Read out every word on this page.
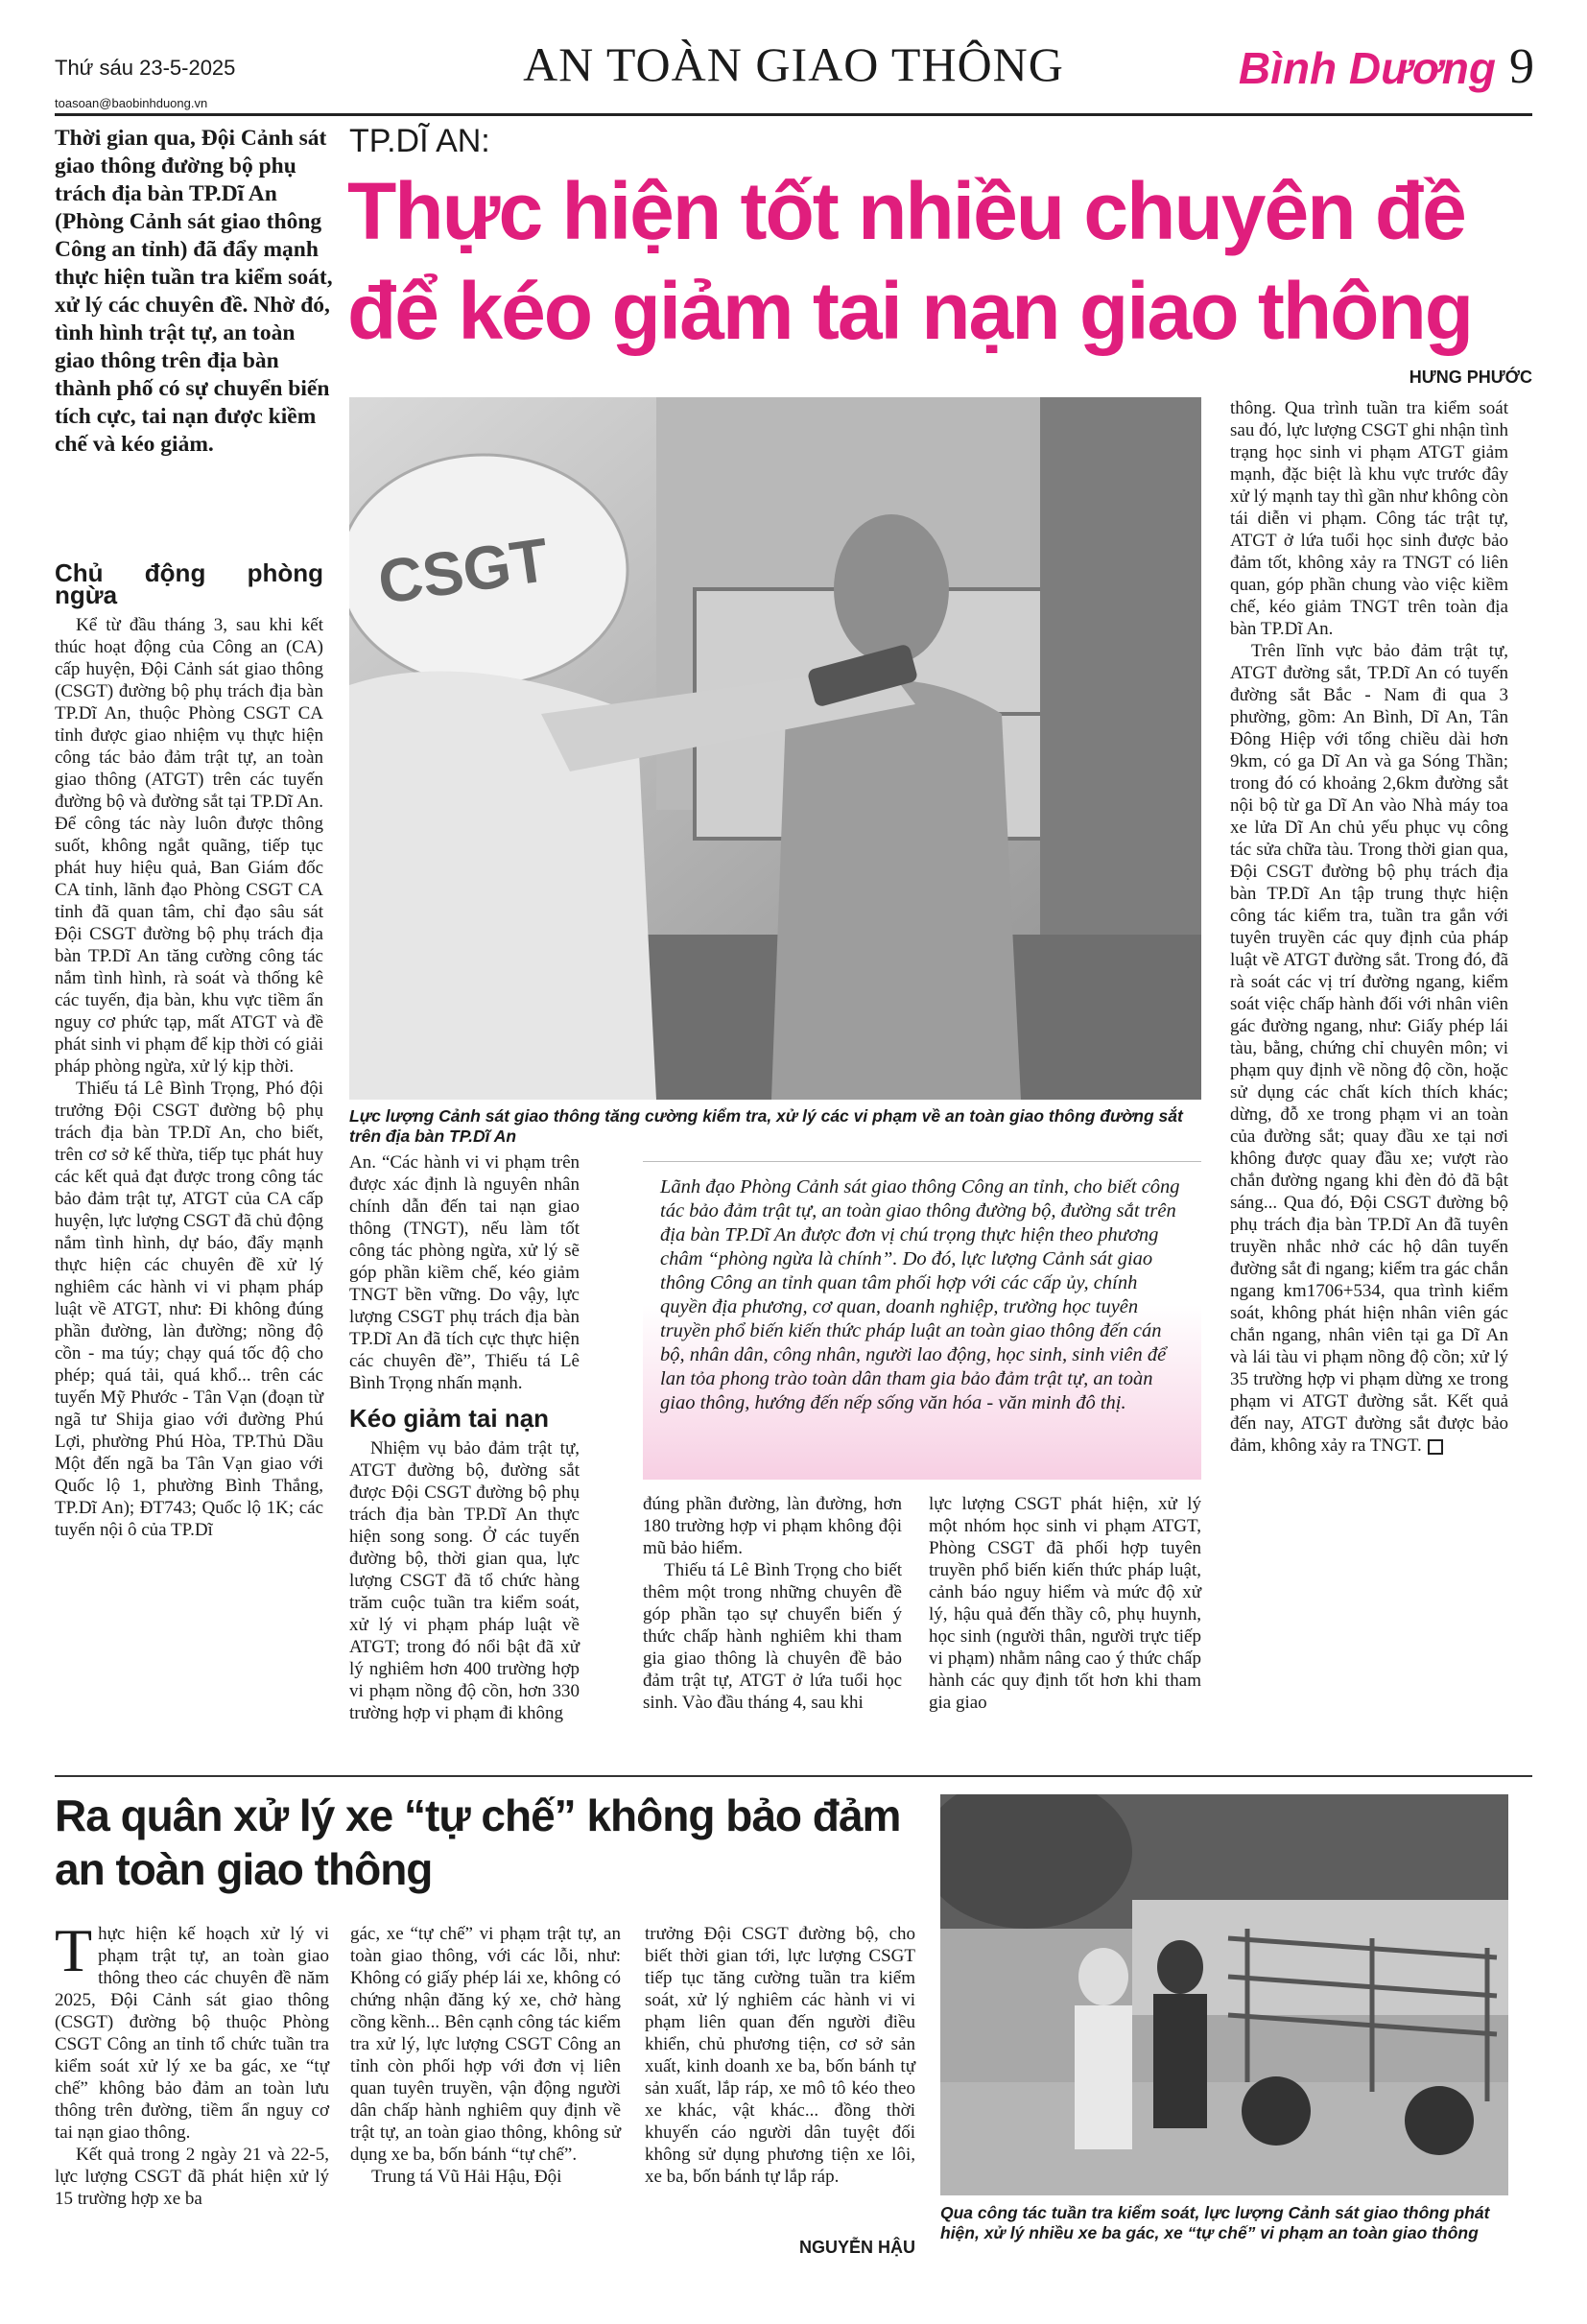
Thứ sáu 23-5-2025
toasoan@baobinhduong.vn
AN TOÀN GIAO THÔNG	Bình Dương 9
Thời gian qua, Đội Cảnh sát giao thông đường bộ phụ trách địa bàn TP.Dĩ An (Phòng Cảnh sát giao thông Công an tỉnh) đã đẩy mạnh thực hiện tuần tra kiểm soát, xử lý các chuyên đề. Nhờ đó, tình hình trật tự, an toàn giao thông trên địa bàn thành phố có sự chuyển biến tích cực, tai nạn được kiềm chế và kéo giảm.
TP.DĨ AN:
Thực hiện tốt nhiều chuyên đề
để kéo giảm tai nạn giao thông
HƯNG PHƯỚC
Chủ động phòng ngừa

Kể từ đầu tháng 3, sau khi kết thúc hoạt động của Công an (CA) cấp huyện, Đội Cảnh sát giao thông (CSGT) đường bộ phụ trách địa bàn TP.Dĩ An, thuộc Phòng CSGT CA tỉnh được giao nhiệm vụ thực hiện công tác bảo đảm trật tự, an toàn giao thông (ATGT) trên các tuyến đường bộ và đường sắt tại TP.Dĩ An. Để công tác này luôn được thông suốt, không ngắt quãng, tiếp tục phát huy hiệu quả, Ban Giám đốc CA tỉnh, lãnh đạo Phòng CSGT CA tỉnh đã quan tâm, chỉ đạo sâu sát Đội CSGT đường bộ phụ trách địa bàn TP.Dĩ An tăng cường công tác nắm tình hình, rà soát và thống kê các tuyến, địa bàn, khu vực tiềm ẩn nguy cơ phức tạp, mất ATGT và đề phát sinh vi phạm để kịp thời có giải pháp phòng ngừa, xử lý kịp thời.

Thiếu tá Lê Bình Trọng, Phó đội trưởng Đội CSGT đường bộ phụ trách địa bàn TP.Dĩ An, cho biết, trên cơ sở kế thừa, tiếp tục phát huy các kết quả đạt được trong công tác bảo đảm trật tự, ATGT của CA cấp huyện, lực lượng CSGT đã chủ động nắm tình hình, dự báo, đẩy mạnh thực hiện các chuyên đề xử lý nghiêm các hành vi vi phạm pháp luật về ATGT, như: Đi không đúng phần đường, làn đường; nồng độ cồn - ma túy; chạy quá tốc độ cho phép; quá tải, quá khổ... trên các tuyến Mỹ Phước - Tân Vạn (đoạn từ ngã tư Shija giao với đường Phú Lợi, phường Phú Hòa, TP.Thủ Dầu Một đến ngã ba Tân Vạn giao với Quốc lộ 1, phường Bình Thắng, TP.Dĩ An); ĐT743; Quốc lộ 1K; các tuyến nội ô của TP.Dĩ

CSGT
Lực lượng Cảnh sát giao thông tăng cường kiểm tra, xử lý các vi phạm về an toàn giao thông đường sắt trên địa bàn TP.Dĩ An

An. “Các hành vi vi phạm trên được xác định là nguyên nhân chính dẫn đến tai nạn giao thông (TNGT), nếu làm tốt công tác phòng ngừa, xử lý sẽ góp phần kiềm chế, kéo giảm TNGT bền vững. Do vậy, lực lượng CSGT phụ trách địa bàn TP.Dĩ An đã tích cực thực hiện các chuyên đề”, Thiếu tá Lê Bình Trọng nhấn mạnh.

Kéo giảm tai nạn

Nhiệm vụ bảo đảm trật tự, ATGT đường bộ, đường sắt được Đội CSGT đường bộ phụ trách địa bàn TP.Dĩ An thực hiện song song. Ở các tuyến đường bộ, thời gian qua, lực lượng CSGT đã tổ chức hàng trăm cuộc tuần tra kiểm soát, xử lý vi phạm pháp luật về ATGT; trong đó nổi bật đã xử lý nghiêm hơn 400 trường hợp vi phạm nồng độ cồn, hơn 330 trường hợp vi phạm đi không

Lãnh đạo Phòng Cảnh sát giao thông Công an tỉnh, cho biết công tác bảo đảm trật tự, an toàn giao thông đường bộ, đường sắt trên địa bàn TP.Dĩ An được đơn vị chú trọng thực hiện theo phương châm “phòng ngừa là chính”. Do đó, lực lượng Cảnh sát giao thông Công an tỉnh quan tâm phối hợp với các cấp ủy, chính quyền địa phương, cơ quan, doanh nghiệp, trường học tuyên truyền phổ biến kiến thức pháp luật an toàn giao thông đến cán bộ, nhân dân, công nhân, người lao động, học sinh, sinh viên để lan tỏa phong trào toàn dân tham gia bảo đảm trật tự, an toàn giao thông, hướng đến nếp sống văn hóa - văn minh đô thị.

đúng phần đường, làn đường, hơn 180 trường hợp vi phạm không đội mũ bảo hiểm.

Thiếu tá Lê Bình Trọng cho biết thêm một trong những chuyên đề góp phần tạo sự chuyển biến ý thức chấp hành nghiêm khi tham gia giao thông là chuyên đề bảo đảm trật tự, ATGT ở lứa tuổi học sinh. Vào đầu tháng 4, sau khi

lực lượng CSGT phát hiện, xử lý một nhóm học sinh vi phạm ATGT, Phòng CSGT đã phối hợp tuyên truyền phổ biến kiến thức pháp luật, cảnh báo nguy hiểm và mức độ xử lý, hậu quả đến thầy cô, phụ huynh, học sinh (người thân, người trực tiếp vi phạm) nhằm nâng cao ý thức chấp hành các quy định tốt hơn khi tham gia giao

thông. Qua trình tuần tra kiểm soát sau đó, lực lượng CSGT ghi nhận tình trạng học sinh vi phạm ATGT giảm mạnh, đặc biệt là khu vực trước đây xử lý mạnh tay thì gần như không còn tái diễn vi phạm. Công tác trật tự, ATGT ở lứa tuổi học sinh được bảo đảm tốt, không xảy ra TNGT có liên quan, góp phần chung vào việc kiềm chế, kéo giảm TNGT trên toàn địa bàn TP.Dĩ An.

Trên lĩnh vực bảo đảm trật tự, ATGT đường sắt, TP.Dĩ An có tuyến đường sắt Bắc - Nam đi qua 3 phường, gồm: An Bình, Dĩ An, Tân Đông Hiệp với tổng chiều dài hơn 9km, có ga Dĩ An và ga Sóng Thần; trong đó có khoảng 2,6km đường sắt nội bộ từ ga Dĩ An vào Nhà máy toa xe lửa Dĩ An chủ yếu phục vụ công tác sửa chữa tàu. Trong thời gian qua, Đội CSGT đường bộ phụ trách địa bàn TP.Dĩ An tập trung thực hiện công tác kiểm tra, tuần tra gắn với tuyên truyền các quy định của pháp luật về ATGT đường sắt. Trong đó, đã rà soát các vị trí đường ngang, kiểm soát việc chấp hành đối với nhân viên gác đường ngang, như: Giấy phép lái tàu, bằng, chứng chỉ chuyên môn; vi phạm quy định về nồng độ cồn, hoặc sử dụng các chất kích thích khác; dừng, đỗ xe trong phạm vi an toàn của đường sắt; quay đầu xe tại nơi không được quay đầu xe; vượt rào chắn đường ngang khi đèn đỏ đã bật sáng... Qua đó, Đội CSGT đường bộ phụ trách địa bàn TP.Dĩ An đã tuyên truyền nhắc nhở các hộ dân tuyến đường sắt đi ngang; kiểm tra gác chắn ngang km1706+534, qua trình kiểm soát, không phát hiện nhân viên gác chắn ngang, nhân viên tại ga Dĩ An và lái tàu vi phạm nồng độ cồn; xử lý 35 trường hợp vi phạm dừng xe trong phạm vi ATGT đường sắt. Kết quả đến nay, ATGT đường sắt được bảo đảm, không xảy ra TNGT.

Ra quân xử lý xe “tự chế” không bảo đảm
an toàn giao thông

Thực hiện kế hoạch xử lý vi phạm trật tự, an toàn giao thông theo các chuyên đề năm 2025, Đội Cảnh sát giao thông (CSGT) đường bộ thuộc Phòng CSGT Công an tỉnh tổ chức tuần tra kiểm soát xử lý xe ba gác, xe “tự chế” không bảo đảm an toàn lưu thông trên đường, tiềm ẩn nguy cơ tai nạn giao thông.

Kết quả trong 2 ngày 21 và 22-5, lực lượng CSGT đã phát hiện xử lý 15 trường hợp xe ba

gác, xe “tự chế” vi phạm trật tự, an toàn giao thông, với các lỗi, như: Không có giấy phép lái xe, không có chứng nhận đăng ký xe, chở hàng cồng kềnh... Bên cạnh công tác kiểm tra xử lý, lực lượng CSGT Công an tỉnh còn phối hợp với đơn vị liên quan tuyên truyền, vận động người dân chấp hành nghiêm quy định về trật tự, an toàn giao thông, không sử dụng xe ba, bốn bánh “tự chế”.

Trung tá Vũ Hải Hậu, Đội

trưởng Đội CSGT đường bộ, cho biết thời gian tới, lực lượng CSGT tiếp tục tăng cường tuần tra kiểm soát, xử lý nghiêm các hành vi vi phạm liên quan đến người điều khiển, chủ phương tiện, cơ sở sản xuất, kinh doanh xe ba, bốn bánh tự sản xuất, lắp ráp, xe mô tô kéo theo xe khác, vật khác... đồng thời khuyến cáo người dân tuyệt đối không sử dụng phương tiện xe lôi, xe ba, bốn bánh tự lắp ráp.

NGUYỄN HẬU
Qua công tác tuần tra kiểm soát, lực lượng Cảnh sát giao thông phát hiện, xử lý nhiều xe ba gác, xe “tự chế” vi phạm an toàn giao thông
